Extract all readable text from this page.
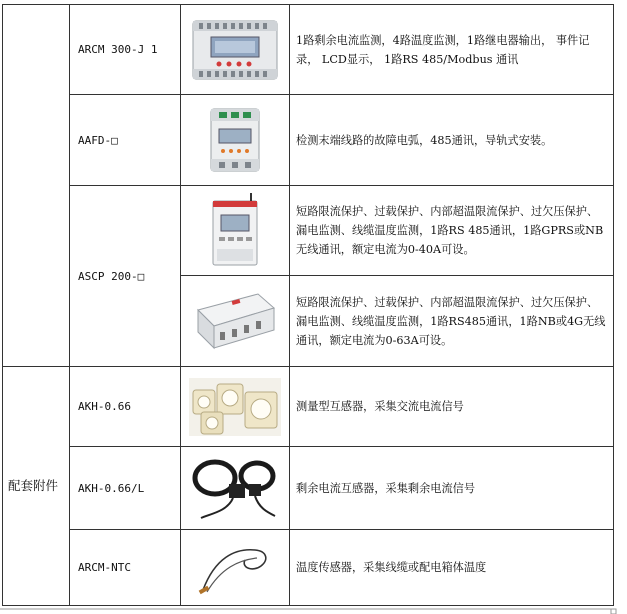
	ARCM 300-J 1		1路剩余电流监测，4路温度监测，1路继电器输出， 事件记录， LCD显示， 1路RS 485/Modbus 通讯
	AAFD-□		检测末端线路的故障电弧，485通讯，导轨式安装。
	ASCP 200-□		短路限流保护、过载保护、内部超温限流保护、过欠压保护、漏电监测、线缆温度监测，1路RS 485通讯，1路GPRS或NB无线通讯，额定电流为0-40A可设。

	短路限流保护、过载保护、内部超温限流保护、过欠压保护、漏电监测、线缆温度监测，1路RS485通讯，1路NB或4G无线通讯，额定电流为0-63A可设。
配套附件	AKH-0.66		测量型互感器，采集交流电流信号
	AKH-0.66/L		剩余电流互感器，采集剩余电流信号
	ARCM-NTC		温度传感器，采集线缆或配电箱体温度
